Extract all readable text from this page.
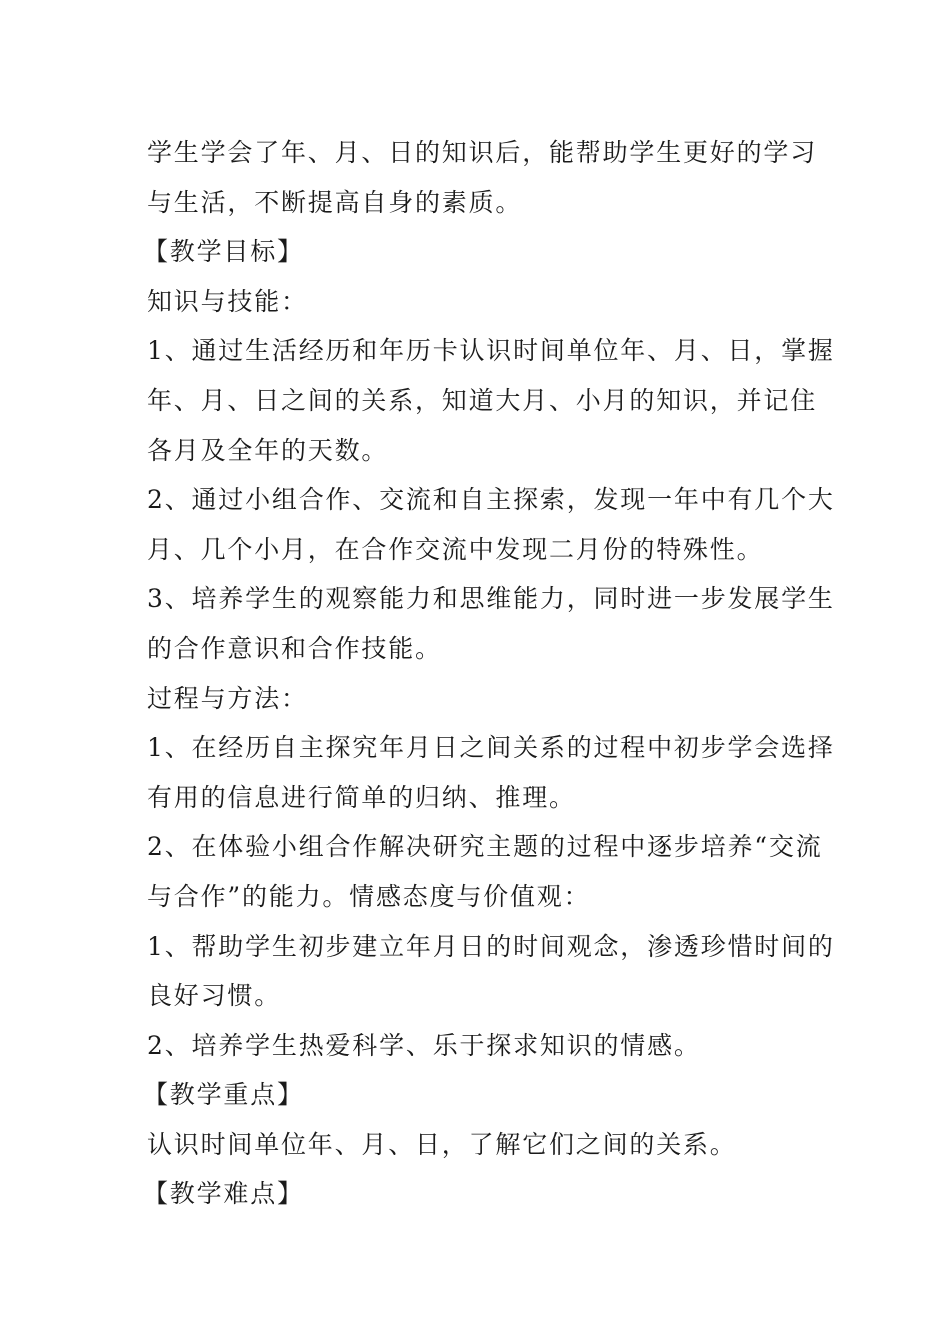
学生学会了年、月、日的知识后，能帮助学生更好的学习
与生活，不断提高自身的素质。
【教学目标】
知识与技能：
1、通过生活经历和年历卡认识时间单位年、月、日，掌握
年、月、日之间的关系，知道大月、小月的知识，并记住
各月及全年的天数。
2、通过小组合作、交流和自主探索，发现一年中有几个大
月、几个小月，在合作交流中发现二月份的特殊性。
3、培养学生的观察能力和思维能力，同时进一步发展学生
的合作意识和合作技能。
过程与方法：
1、在经历自主探究年月日之间关系的过程中初步学会选择
有用的信息进行简单的归纳、推理。
2、在体验小组合作解决研究主题的过程中逐步培养“交流
与合作”的能力。情感态度与价值观：
1、帮助学生初步建立年月日的时间观念，渗透珍惜时间的
良好习惯。
2、培养学生热爱科学、乐于探求知识的情感。
【教学重点】
认识时间单位年、月、日，了解它们之间的关系。
【教学难点】
